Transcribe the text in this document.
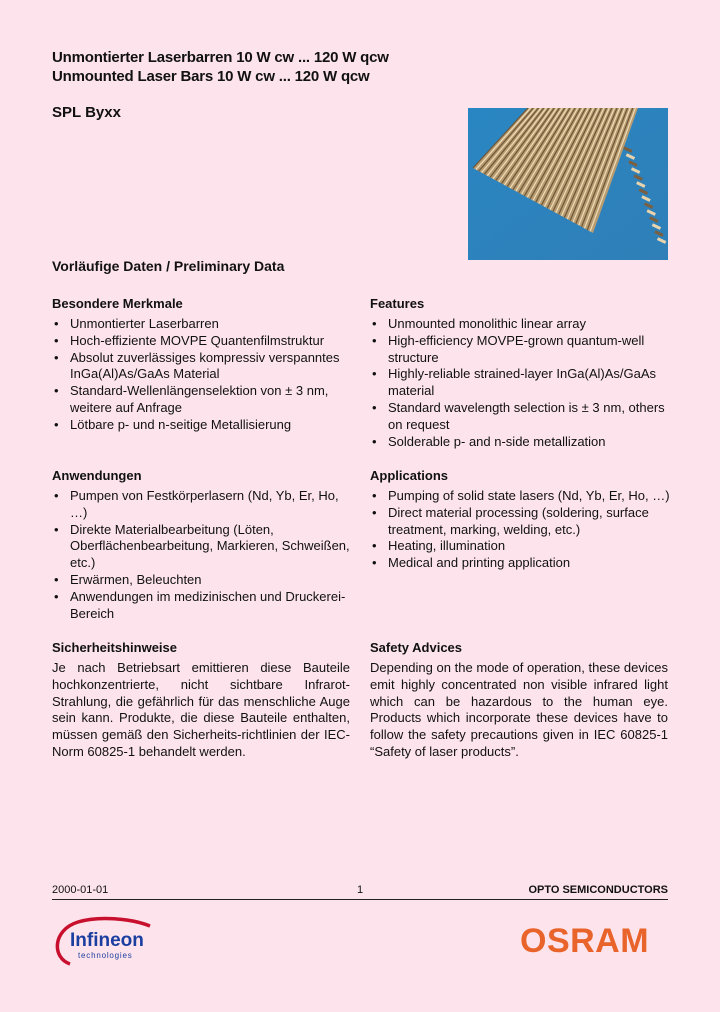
Unmontierter Laserbarren 10 W cw ... 120 W qcw
Unmounted Laser Bars 10 W cw ... 120 W qcw
SPL Byxx
Vorläufige Daten / Preliminary Data
Besondere Merkmale
• Unmontierter Laserbarren
• Hoch-effiziente MOVPE Quantenfilmstruktur
• Absolut zuverlässiges kompressiv verspanntes InGa(Al)As/GaAs Material
• Standard-Wellenlängenselektion von ± 3 nm, weitere auf Anfrage
• Lötbare p- und n-seitige Metallisierung
Features
• Unmounted monolithic linear array
• High-efficiency MOVPE-grown quantum-well structure
• Highly-reliable strained-layer InGa(Al)As/GaAs material
• Standard wavelength selection is ± 3 nm, others on request
• Solderable p- and n-side metallization
Anwendungen
• Pumpen von Festkörperlasern (Nd, Yb, Er, Ho, …)
• Direkte Materialbearbeitung (Löten, Oberflächenbearbeitung, Markieren, Schweißen, etc.)
• Erwärmen, Beleuchten
• Anwendungen im medizinischen und Druckerei-Bereich
Applications
• Pumping of solid state lasers (Nd, Yb, Er, Ho, …)
• Direct material processing (soldering, surface treatment, marking, welding, etc.)
• Heating, illumination
• Medical and printing application
Sicherheitshinweise

Je nach Betriebsart emittieren diese Bauteile hochkonzentrierte, nicht sichtbare Infrarot-Strahlung, die gefährlich für das menschliche Auge sein kann. Produkte, die diese Bauteile enthalten, müssen gemäß den Sicherheits-richtlinien der IEC-Norm 60825-1 behandelt werden.

Safety Advices

Depending on the mode of operation, these devices emit highly concentrated non visible infrared light which can be hazardous to the human eye. Products which incorporate these devices have to follow the safety precautions given in IEC 60825-1 “Safety of laser products”.

2000-01-01	1	OPTO SEMICONDUCTORS
Infineon
technologies	OSRAM
